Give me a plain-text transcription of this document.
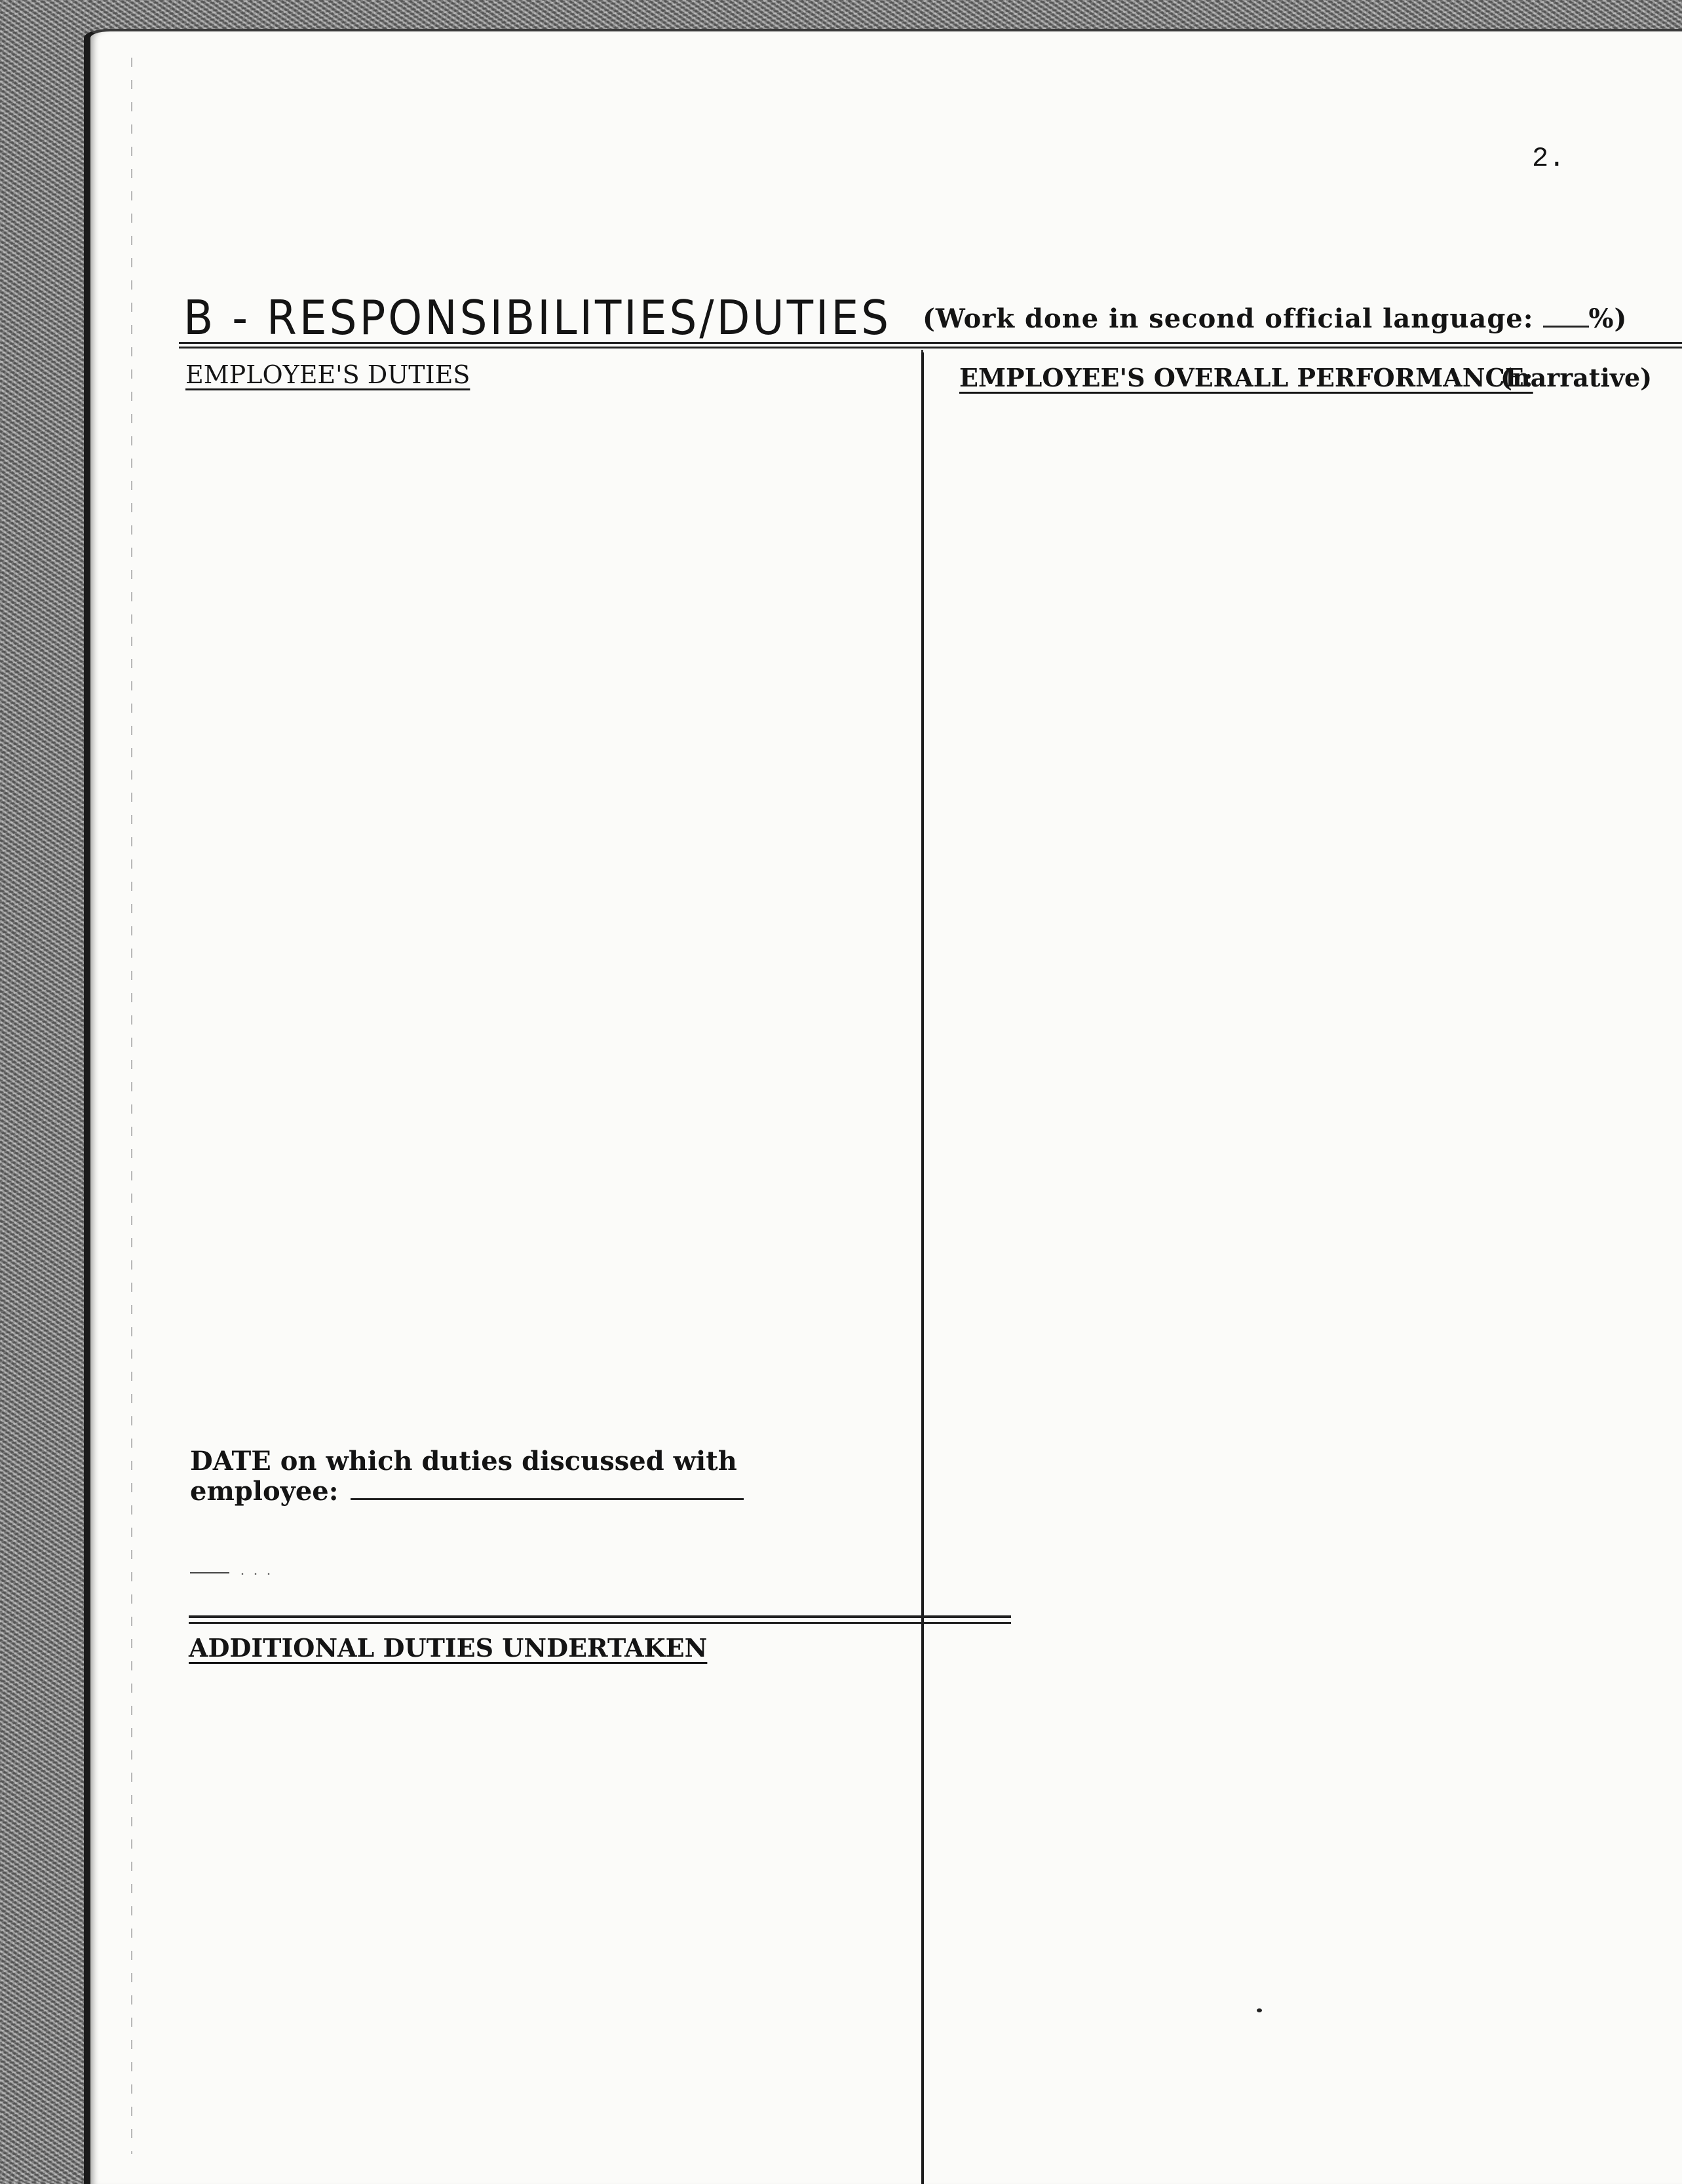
2.
B - RESPONSIBILITIES/DUTIES (Work done in second official language: %)
EMPLOYEE'S DUTIES	EMPLOYEE'S OVERALL PERFORMANCE:
(narrative)
DATE on which duties discussed with
employee:
···
ADDITIONAL DUTIES UNDERTAKEN
